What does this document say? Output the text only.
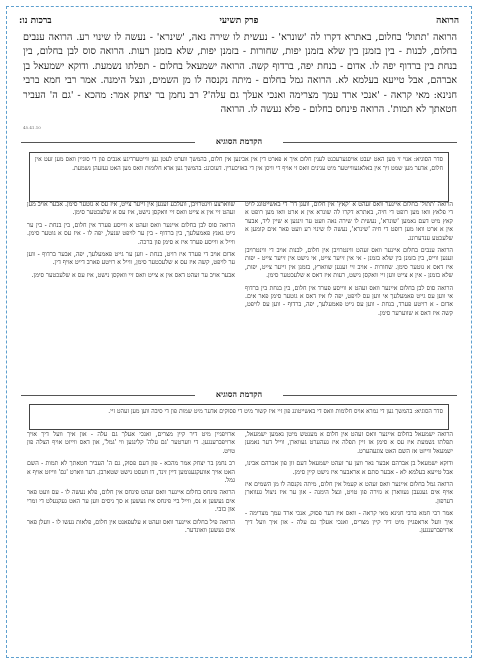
הרואה
פרק תשיעי
ברכות נו:
הרואה 'תתול' בחלום, באתרא דקרו לה 'שונרא' - נעשית לו שירה נאה, 'שינרא' - נעשה לו שינוי רע. הרואה ענבים בחלום, לבנות - בין בזמנן בין שלא בזמנן יפות, שחורות - בזמנן יפות, שלא בזמנן רעות. הרואה סוס לבן בחלום, בין בנחת בין ברדוף יפה לו. אדום - בנחת יפה, ברדוף קשה. הרואה ישמעאל בחלום - תפלתו נשמעת. ודוקא ישמעאל בן אברהם, אבל טייעא בעלמא לא. הרואה גמל בחלום - מיתה נקנסה לו מן השמים, ונצל הימנה. אמר רבי חמא ברבי חנינא: מאי קראה - 'אנכי ארד עמך מצרימה ואנכי אעלך גם עלה'? רב נחמן בר יצחק אמר: מהכא - 'גם ה' העביר חטאתך לא תמות'. הרואה פינחס בחלום - פלא נעשה לו. הרואה
45.41.10
הקדמת הסוגיא
סדר הסוגיא: אנוי זי מען האט יעבט אויסגערעכנט לענין חלום איך א פארט דין אין אכינען אין חלום, בהמשך ווערט לעטן גען ווייטערדיגע אנבים פון די סוגיין וואס מען זעט אין חלום, אדער מען שמט זיך אין באלאגעווייטער מיט ענינים וואס זי אויף די וויסן אין די באזיכערין. דעוכונג: בהמשך גען אדא חלומות וואס מען האט געזעהן נשמעת.

הרואה 'תתול' בחלום איינער וואס זעהט א 'קאץ' אין חלום, וועגן דר' די באשייטונג לויט די פלאץ וואו מען רופט די חיה, באתרא דקרו לה שונרא אין א ארט וואו מען רופט א קאץ מיט דעם נאמען 'שונרא', נעשית לו שירה נאה וועט ער זינגען א שיין ליד, אבער אין א ארט וואו מען רופט די חיה 'שינרא', נעשה לו שינוי רע וועט פאר אים קומען א שלעכטע ענדערונג.

הרואה ענבים בחלום איינער וואס זעהט ווינטרויבן אין חלום, לבנות אויב די ווינטרויבן זענען ווייס, בין בזמנן בין שלא בזמנן - אי אין זייער צייט, אי נישט אין זייער צייט - יפות איז דאס א גוטער סימן. שחורות - אויב זיי זענען שווארץ, בזמנן אין זייער צייט, יפות, שלא בזמנן - אין א צייט ווען זיי וואקסן נישט, רעות איז דאס א שלעכטער סימן.

הרואה סוס לבן בחלום איינער וואס זעהט א ווייסע פערד אין חלום, בין בנחת בין ברדוף אי ווען עס גייט פאמעלעך אי ווען עס לויפט, יפה לו איז דאס א גוטער סימן פאר אים. אדום - א רויטע פערד, בנחת - ווען עס גייט פאמעלעך, יפה, ברדוף - ווען עס לויפט, קשה איז דאס א שווערער סימן.

שווארצע ווינטרויבן, וועלכע זענען אין זייער צייט, איז עס א גוטער סימן. אבער אויב מען זעהט זיי אין א צייט וואס זיי וואקסן נישט, איז עס א שלעכטער סימן.

הרואה סוס לבן בחלום איינער וואס זעהט א ווייסע פערד אין חלום, בין בנחת - בין ער גייט גאנץ פאמעלעך, בין ברדוף - בין ער לויפט שנעל, יפה לו - איז עס א גוטער סימן. ווייל א ווייסע פערד איז א סימן פון ברכה.

אדום אויב די פערד איז רויט, בנחת - ווען ער גייט פאמעלעך, יפה, אבער ברדוף - ווען ער לויפט, קשה איז עס א שלעכטער סימן, ווייל א רויטע פארב דייט אויף דין.

אבער אויב ער זעהט דאס אין א צייט וואס זיי וואקסן נישט, איז עס א שלעכטער סימן.

הקדמת הסוגיא
סדר הסוגיא: בהמשך גען די גמרא אויס חלומות וואס די באשייטונג פון זיי איז קשור מיט די פסוקים אדער מיט שמות פון די סיבה ווען מען זעהט זיי.

הרואה ישמעאל בחלום איינער וואס זעהט אין חלום א מענטש מיטן נאמען ישמעאל, תפלתו נשמעת איז עס א סימן אז זיין תפלה איז געהערט געווארן, ווייל דער נאמען ישמעאל ווייזט אז השם האט צוגעהערט.

ודוקא ישמעאל בן אברהם אבער נאר ווען ער זעהט ישמעאל דעם זון פון אברהם אבינו, אבל טייעא בעלמא לא - אבער סתם א אראבער איז נישט קיין סימן.

הרואה גמל בחלום איינער וואס זעהט א קעמל אין חלום, מיתה נקנסה לו מן השמים איז אויף אים געגעבן געווארן א גזירה פון טויט, ונצל הימנה - און ער איז ניצול געווארן דערפון.

אמר רבי חמא ברבי חנינא מאי קראה - וואס איז דער פסוק, אנכי ארד עמך מצרימה - איך וועל אראפגיין מיט דיר קיין מצרים, ואנכי אעלך גם עלה - און איך וועל דיך ארויפברענגען.

ארויפגיין מיט דיר קיין מצרים, ואנכי אעלך גם עלה - און איך וועל דיך אויך ארויפברענגען. די ווערטער 'גם עלה' קלינגען ווי 'גמל', און דאס ווייזט אויף הצלה פון טויט.

רב נחמן בר יצחק אמר מהכא - פון דעם פסוק, גם ה' העביר חטאתך לא תמות - השם האט אויך אוועקגענומען דיין זינד, דו וועסט נישט שטארבן. דער ווארט 'גם' ווייזט אויף א גמל.

הרואה פינחס בחלום איינער וואס זעהט פינחס אין חלום, פלא נעשה לו - עס וועט פאר אים געשען א נס, ווייל ביי פינחס איז געשען א סך ניסים ווען ער האט געקנעלט די זמרי און כזבי.

הרואה פיל בחלום איינער וואס זעהט א עלעפאנט אין חלום, פלאות נעשו לו - וועלן פאר אים געשען וואונדער.
